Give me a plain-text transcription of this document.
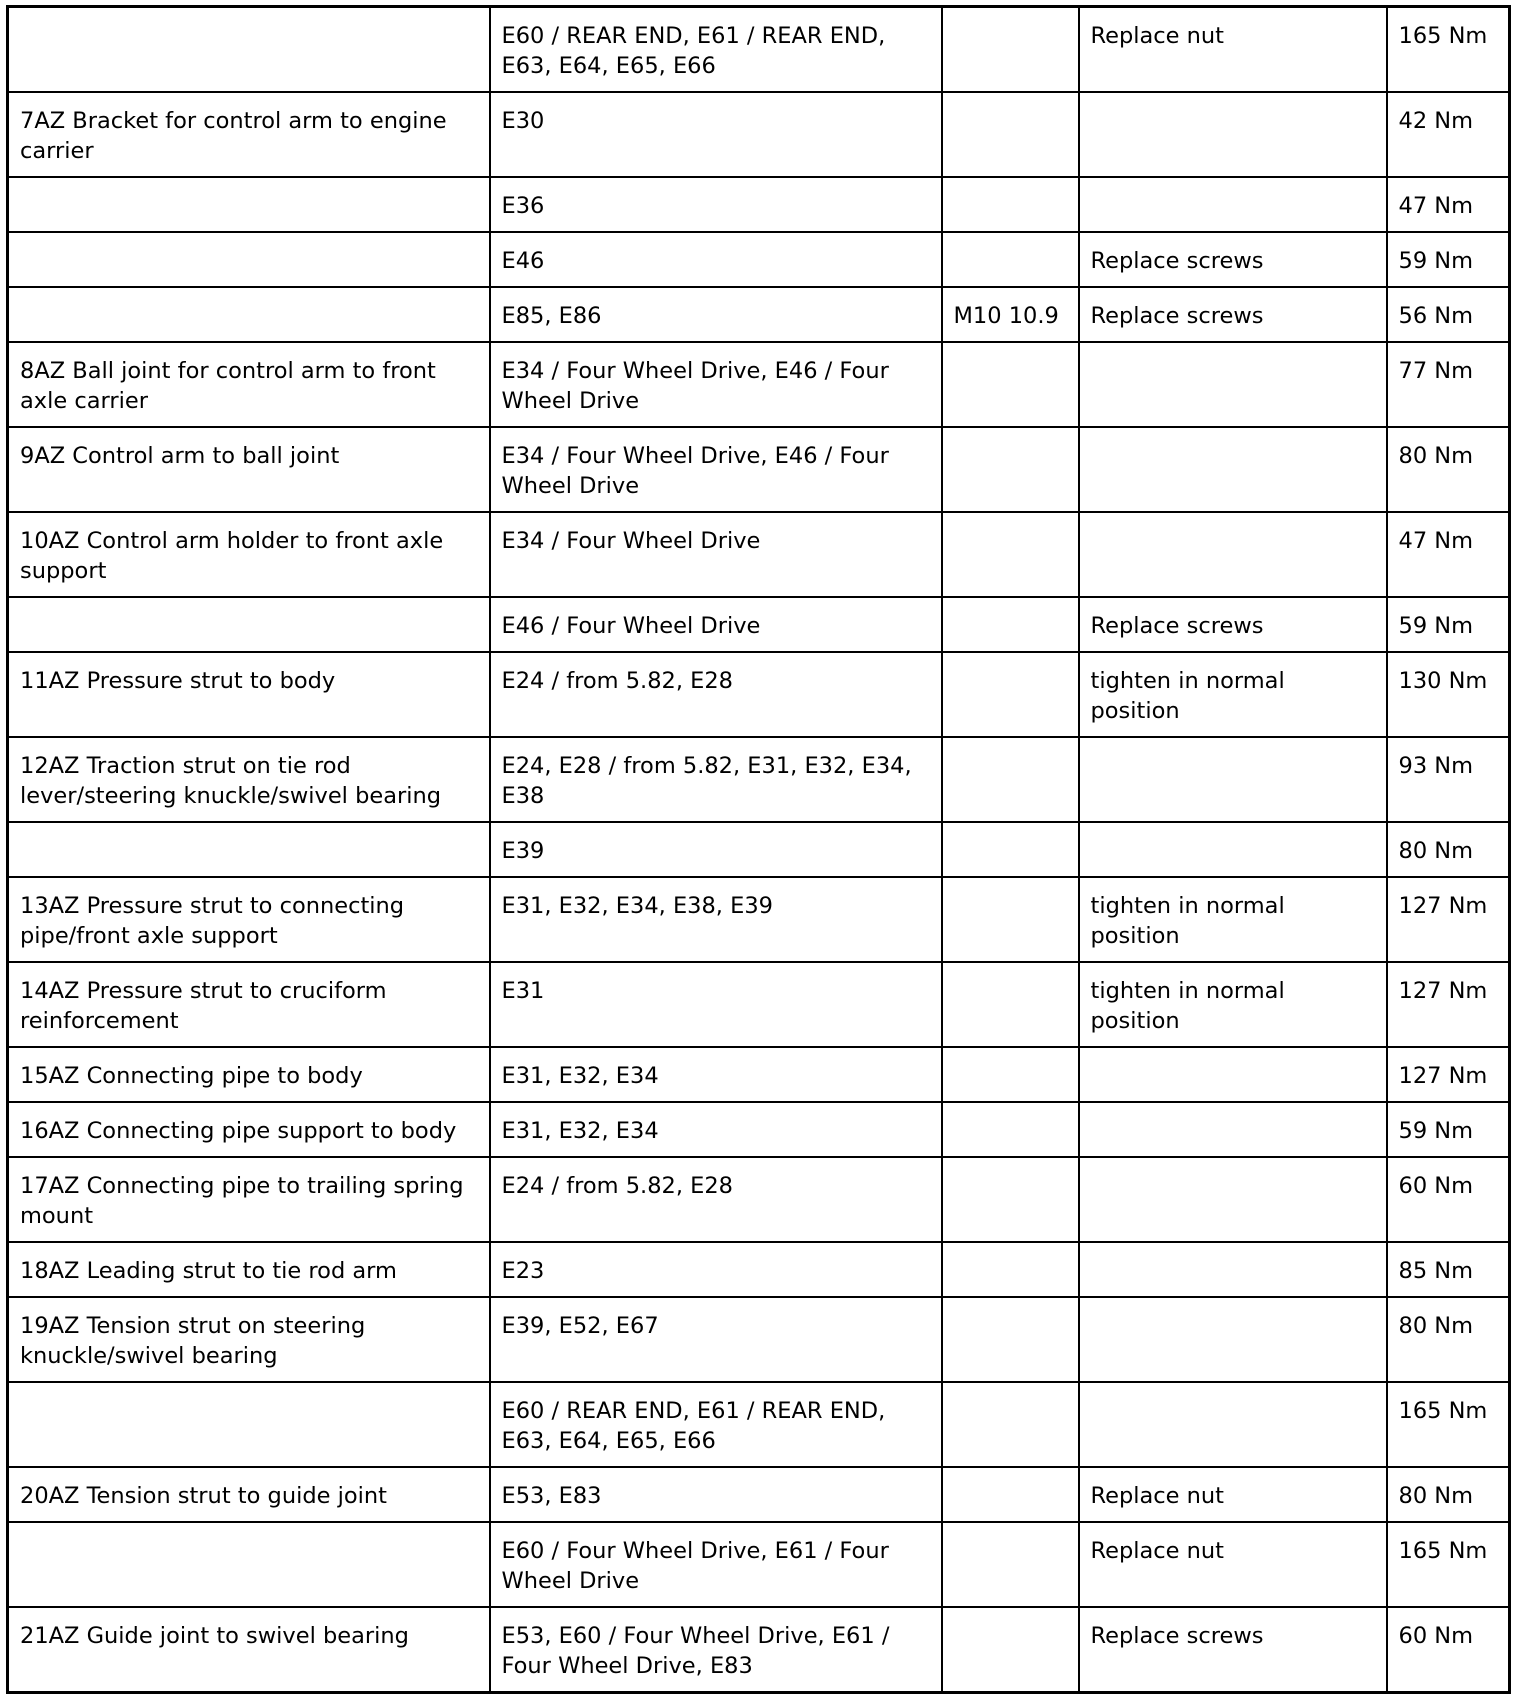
	E60 / REAR END, E61 / REAR END, E63, E64, E65, E66		Replace nut	165 Nm
7AZ Bracket for control arm to engine carrier	E30			42 Nm
	E36			47 Nm
	E46		Replace screws	59 Nm
	E85, E86	M10 10.9	Replace screws	56 Nm
8AZ Ball joint for control arm to front axle carrier	E34 / Four Wheel Drive, E46 / Four Wheel Drive			77 Nm
9AZ Control arm to ball joint	E34 / Four Wheel Drive, E46 / Four Wheel Drive			80 Nm
10AZ Control arm holder to front axle support	E34 / Four Wheel Drive			47 Nm
	E46 / Four Wheel Drive		Replace screws	59 Nm
11AZ Pressure strut to body	E24 / from 5.82, E28		tighten in normal position	130 Nm
12AZ Traction strut on tie rod lever/steering knuckle/swivel bearing	E24, E28 / from 5.82, E31, E32, E34, E38			93 Nm
	E39			80 Nm
13AZ Pressure strut to connecting pipe/front axle support	E31, E32, E34, E38, E39		tighten in normal position	127 Nm
14AZ Pressure strut to cruciform reinforcement	E31		tighten in normal position	127 Nm
15AZ Connecting pipe to body	E31, E32, E34			127 Nm
16AZ Connecting pipe support to body	E31, E32, E34			59 Nm
17AZ Connecting pipe to trailing spring mount	E24 / from 5.82, E28			60 Nm
18AZ Leading strut to tie rod arm	E23			85 Nm
19AZ Tension strut on steering knuckle/swivel bearing	E39, E52, E67			80 Nm
	E60 / REAR END, E61 / REAR END, E63, E64, E65, E66			165 Nm
20AZ Tension strut to guide joint	E53, E83		Replace nut	80 Nm
	E60 / Four Wheel Drive, E61 / Four Wheel Drive		Replace nut	165 Nm
21AZ Guide joint to swivel bearing	E53, E60 / Four Wheel Drive, E61 / Four Wheel Drive, E83		Replace screws	60 Nm
